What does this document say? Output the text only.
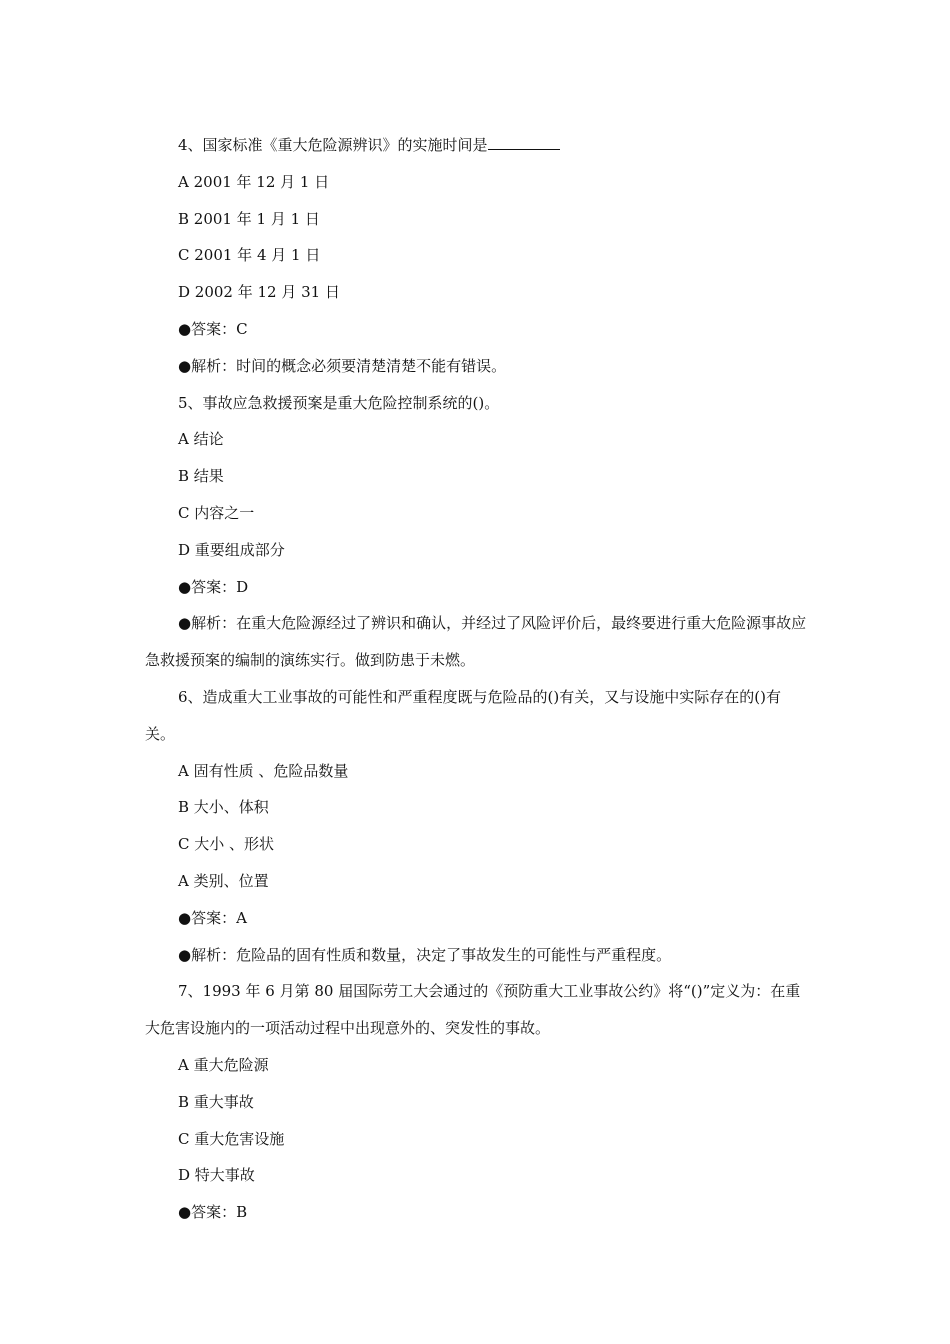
4、国家标准《重大危险源辨识》的实施时间是
A 2001 年 12 月 1 日
B 2001 年 1 月 1 日
C 2001 年 4 月 1 日
D 2002 年 12 月 31 日
●答案：C
●解析：时间的概念必须要清楚清楚不能有错误。
5、事故应急救援预案是重大危险控制系统的()。
A 结论
B 结果
C 内容之一
D 重要组成部分
●答案：D
●解析：在重大危险源经过了辨识和确认，并经过了风险评价后，最终要进行重大危险源事故应急救援预案的编制的演练实行。做到防患于未燃。
6、造成重大工业事故的可能性和严重程度既与危险品的()有关，又与设施中实际存在的()有关。
A 固有性质 、危险品数量
B 大小、体积
C 大小 、形状
A 类别、位置
●答案：A
●解析：危险品的固有性质和数量，决定了事故发生的可能性与严重程度。
7、1993 年 6 月第 80 届国际劳工大会通过的《预防重大工业事故公约》将“()”定义为：在重大危害设施内的一项活动过程中出现意外的、突发性的事故。
A 重大危险源
B 重大事故
C 重大危害设施
D 特大事故
●答案：B
